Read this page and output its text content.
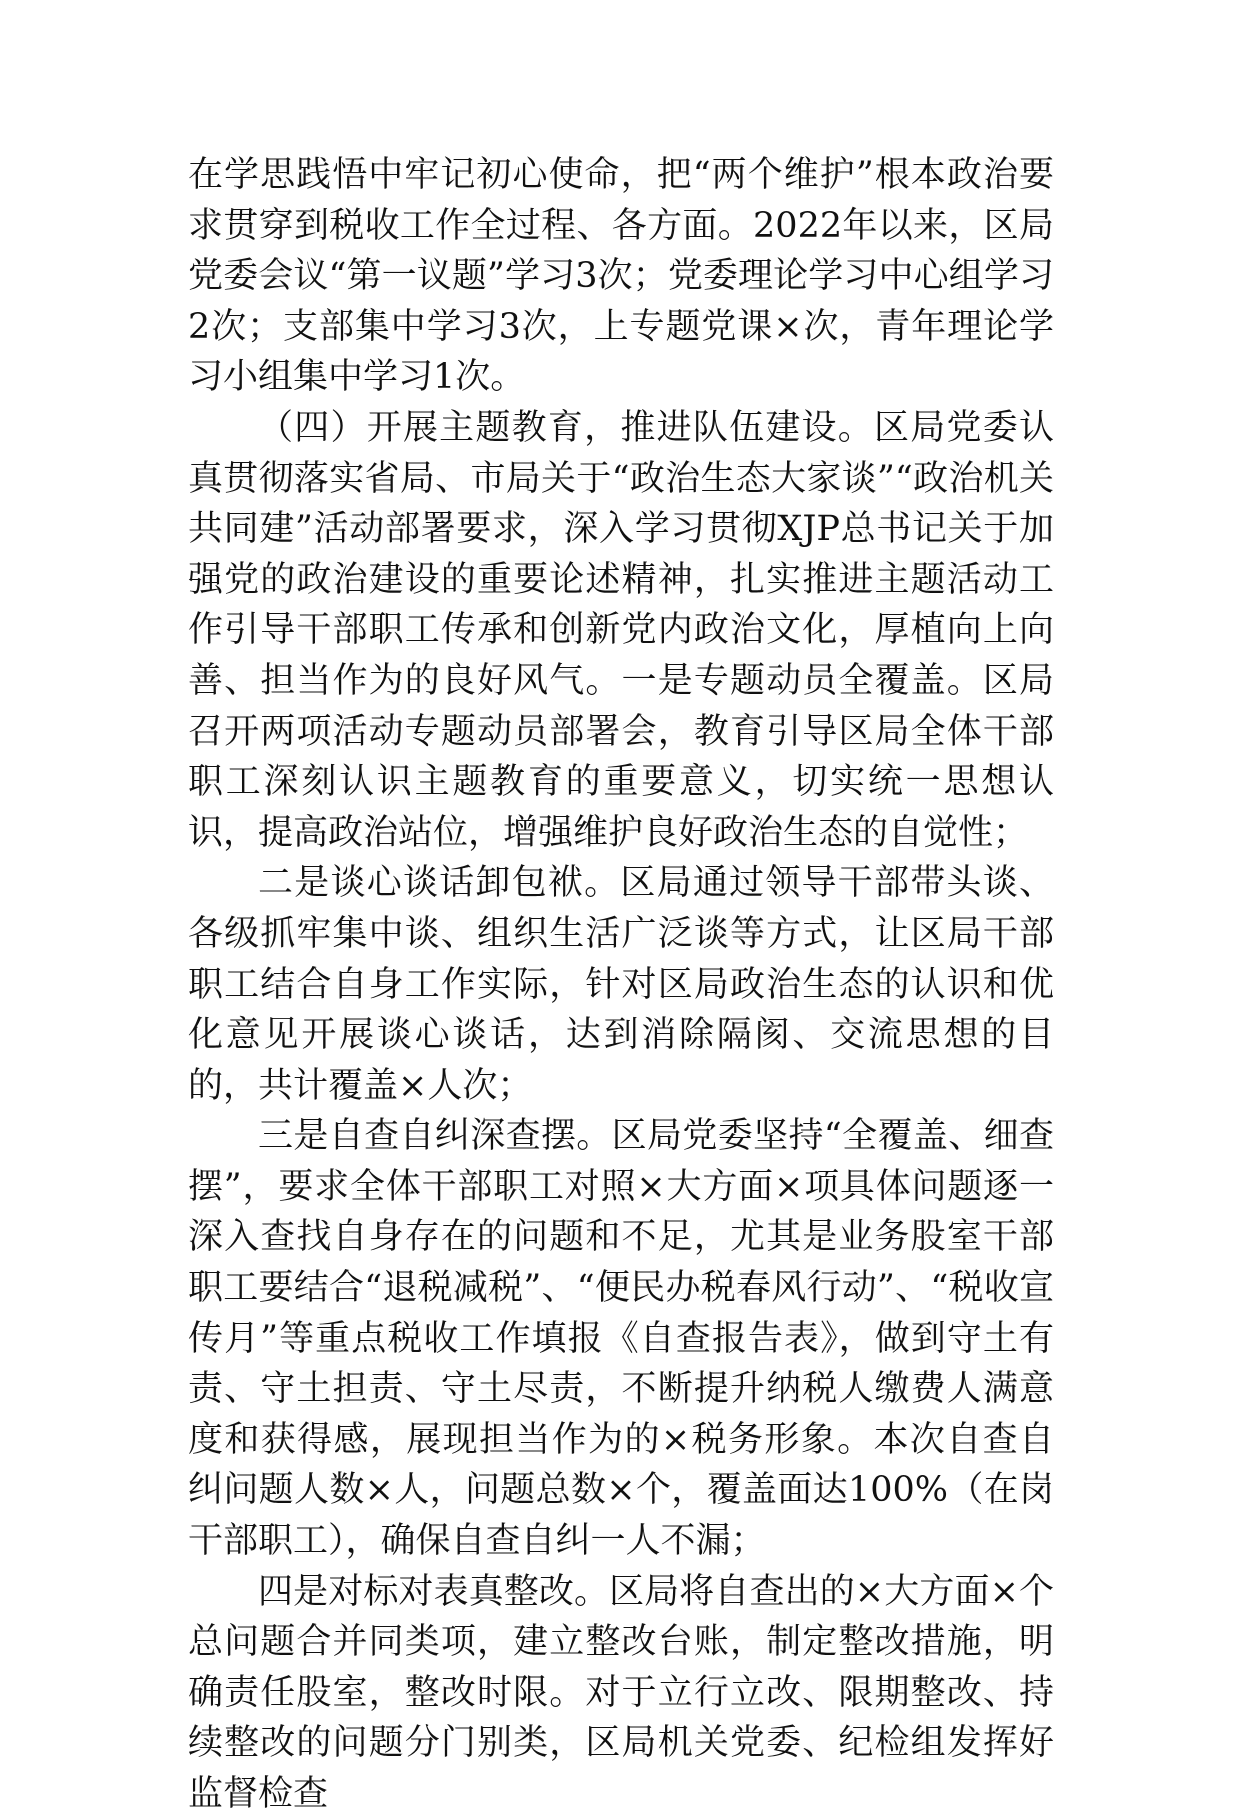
在学思践悟中牢记初心使命，把“两个维护”根本政治要求贯穿到税收工作全过程、各方面。2022年以来，区局党委会议“第一议题”学习3次；党委理论学习中心组学习2次；支部集中学习3次，上专题党课×次，青年理论学习小组集中学习1次。

（四）开展主题教育，推进队伍建设。区局党委认真贯彻落实省局、市局关于“政治生态大家谈”“政治机关共同建”活动部署要求，深入学习贯彻XJP总书记关于加强党的政治建设的重要论述精神，扎实推进主题活动工作引导干部职工传承和创新党内政治文化，厚植向上向善、担当作为的良好风气。一是专题动员全覆盖。区局召开两项活动专题动员部署会，教育引导区局全体干部职工深刻认识主题教育的重要意义，切实统一思想认识，提高政治站位，增强维护良好政治生态的自觉性；

二是谈心谈话卸包袱。区局通过领导干部带头谈、各级抓牢集中谈、组织生活广泛谈等方式，让区局干部职工结合自身工作实际，针对区局政治生态的认识和优化意见开展谈心谈话，达到消除隔阂、交流思想的目的，共计覆盖×人次；

三是自查自纠深查摆。区局党委坚持“全覆盖、细查摆”，要求全体干部职工对照×大方面×项具体问题逐一深入查找自身存在的问题和不足，尤其是业务股室干部职工要结合“退税减税”、“便民办税春风行动”、“税收宣传月”等重点税收工作填报《自查报告表》，做到守土有责、守土担责、守土尽责，不断提升纳税人缴费人满意度和获得感，展现担当作为的×税务形象。本次自查自纠问题人数×人，问题总数×个，覆盖面达100%（在岗干部职工），确保自查自纠一人不漏；

四是对标对表真整改。区局将自查出的×大方面×个总问题合并同类项，建立整改台账，制定整改措施，明确责任股室，整改时限。对于立行立改、限期整改、持续整改的问题分门别类，区局机关党委、纪检组发挥好监督检查
